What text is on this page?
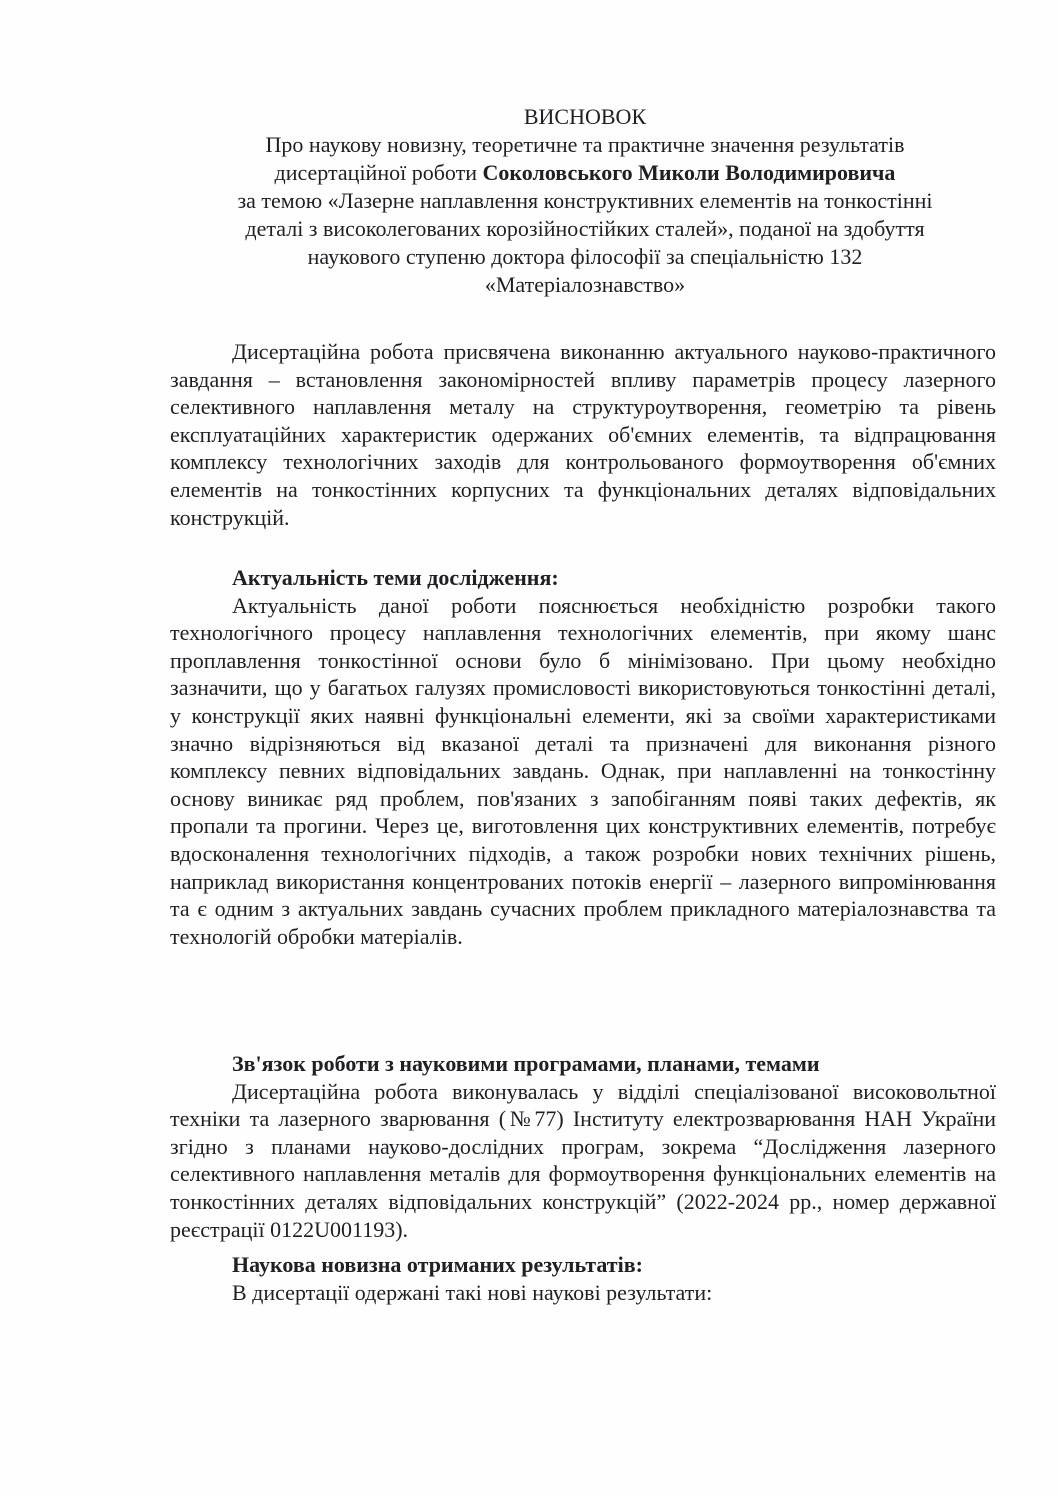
ВИСНОВОК
Про наукову новизну, теоретичне та практичне значення результатів
дисертаційної роботи Соколовського Миколи Володимировича
за темою «Лазерне наплавлення конструктивних елементів на тонкостінні
деталі з високолегованих корозійностійких сталей», поданої на здобуття
наукового ступеню доктора філософії за спеціальністю 132
«Матеріалознавство»

Дисертаційна робота присвячена виконанню актуального науково-практичного завдання – встановлення закономірностей впливу параметрів процесу лазерного селективного наплавлення металу на структуроутворення, геометрію та рівень експлуатаційних характеристик одержаних об'ємних елементів, та відпрацювання комплексу технологічних заходів для контрольованого формоутворення об'ємних елементів на тонкостінних корпусних та функціональних деталях відповідальних конструкцій.

Актуальність теми дослідження:

Актуальність даної роботи пояснюється необхідністю розробки такого технологічного процесу наплавлення технологічних елементів, при якому шанс проплавлення тонкостінної основи було б мінімізовано. При цьому необхідно зазначити, що у багатьох галузях промисловості використовуються тонкостінні деталі, у конструкції яких наявні функціональні елементи, які за своїми характеристиками значно відрізняються від вказаної деталі та призначені для виконання різного комплексу певних відповідальних завдань. Однак, при наплавленні на тонкостінну основу виникає ряд проблем, пов'язаних з запобіганням появі таких дефектів, як пропали та прогини. Через це, виготовлення цих конструктивних елементів, потребує вдосконалення технологічних підходів, а також розробки нових технічних рішень, наприклад використання концентрованих потоків енергії – лазерного випромінювання та є одним з актуальних завдань сучасних проблем прикладного матеріалознавства та технологій обробки матеріалів.

Зв'язок роботи з науковими програмами, планами, темами

Дисертаційна робота виконувалась у відділі спеціалізованої високовольтної техніки та лазерного зварювання (№77) Інституту електрозварювання НАН України згідно з планами науково-дослідних програм, зокрема “Дослідження лазерного селективного наплавлення металів для формоутворення функціональних елементів на тонкостінних деталях відповідальних конструкцій” (2022-2024 рр., номер державної реєстрації 0122U001193).

Наукова новизна отриманих результатів:

В дисертації одержані такі нові наукові результати:
